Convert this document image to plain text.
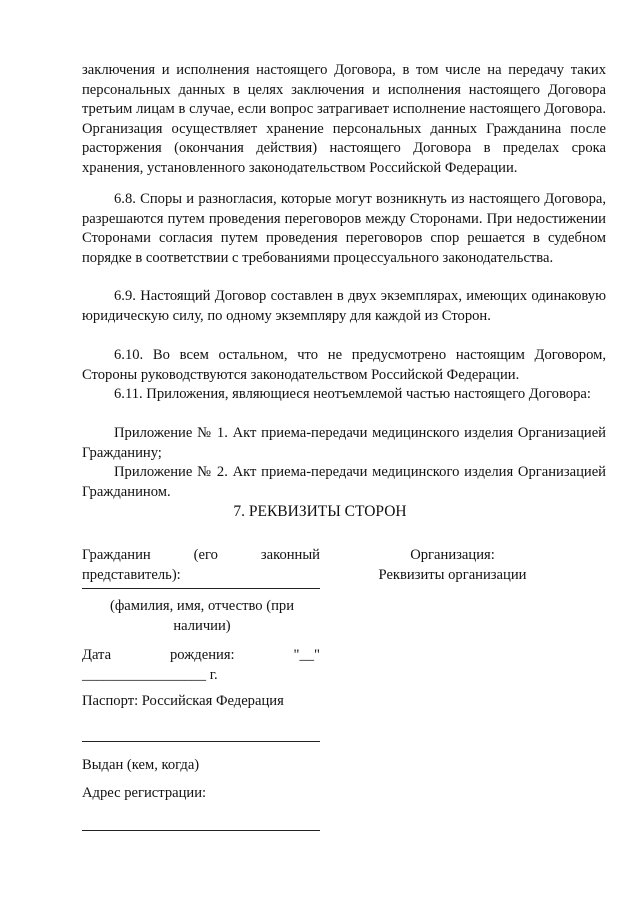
заключения и исполнения настоящего Договора, в том числе на передачу таких персональных данных в целях заключения и исполнения настоящего Договора третьим лицам в случае, если вопрос затрагивает исполнение настоящего Договора. Организация осуществляет хранение персональных данных Гражданина после расторжения (окончания действия) настоящего Договора в пределах срока хранения, установленного законодательством Российской Федерации.

6.8. Споры и разногласия, которые могут возникнуть из настоящего Договора, разрешаются путем проведения переговоров между Сторонами. При недостижении Сторонами согласия путем проведения переговоров спор решается в судебном порядке в соответствии с требованиями процессуального законодательства.

6.9. Настоящий Договор составлен в двух экземплярах, имеющих одинаковую юридическую силу, по одному экземпляру для каждой из Сторон.

6.10. Во всем остальном, что не предусмотрено настоящим Договором, Стороны руководствуются законодательством Российской Федерации.

6.11. Приложения, являющиеся неотъемлемой частью настоящего Договора:

Приложение № 1. Акт приема-передачи медицинского изделия Организацией Гражданину;

Приложение № 2. Акт приема-передачи медицинского изделия Организацией Гражданином.

7. РЕКВИЗИТЫ СТОРОН
Гражданин	(его	законный
представитель):
(фамилия, имя, отчество (при наличии)
Дата	рождения:	"__"
_________________ г.
Паспорт: Российская Федерация
Выдан (кем, когда)
Адрес регистрации:
Организация:
Реквизиты организации
